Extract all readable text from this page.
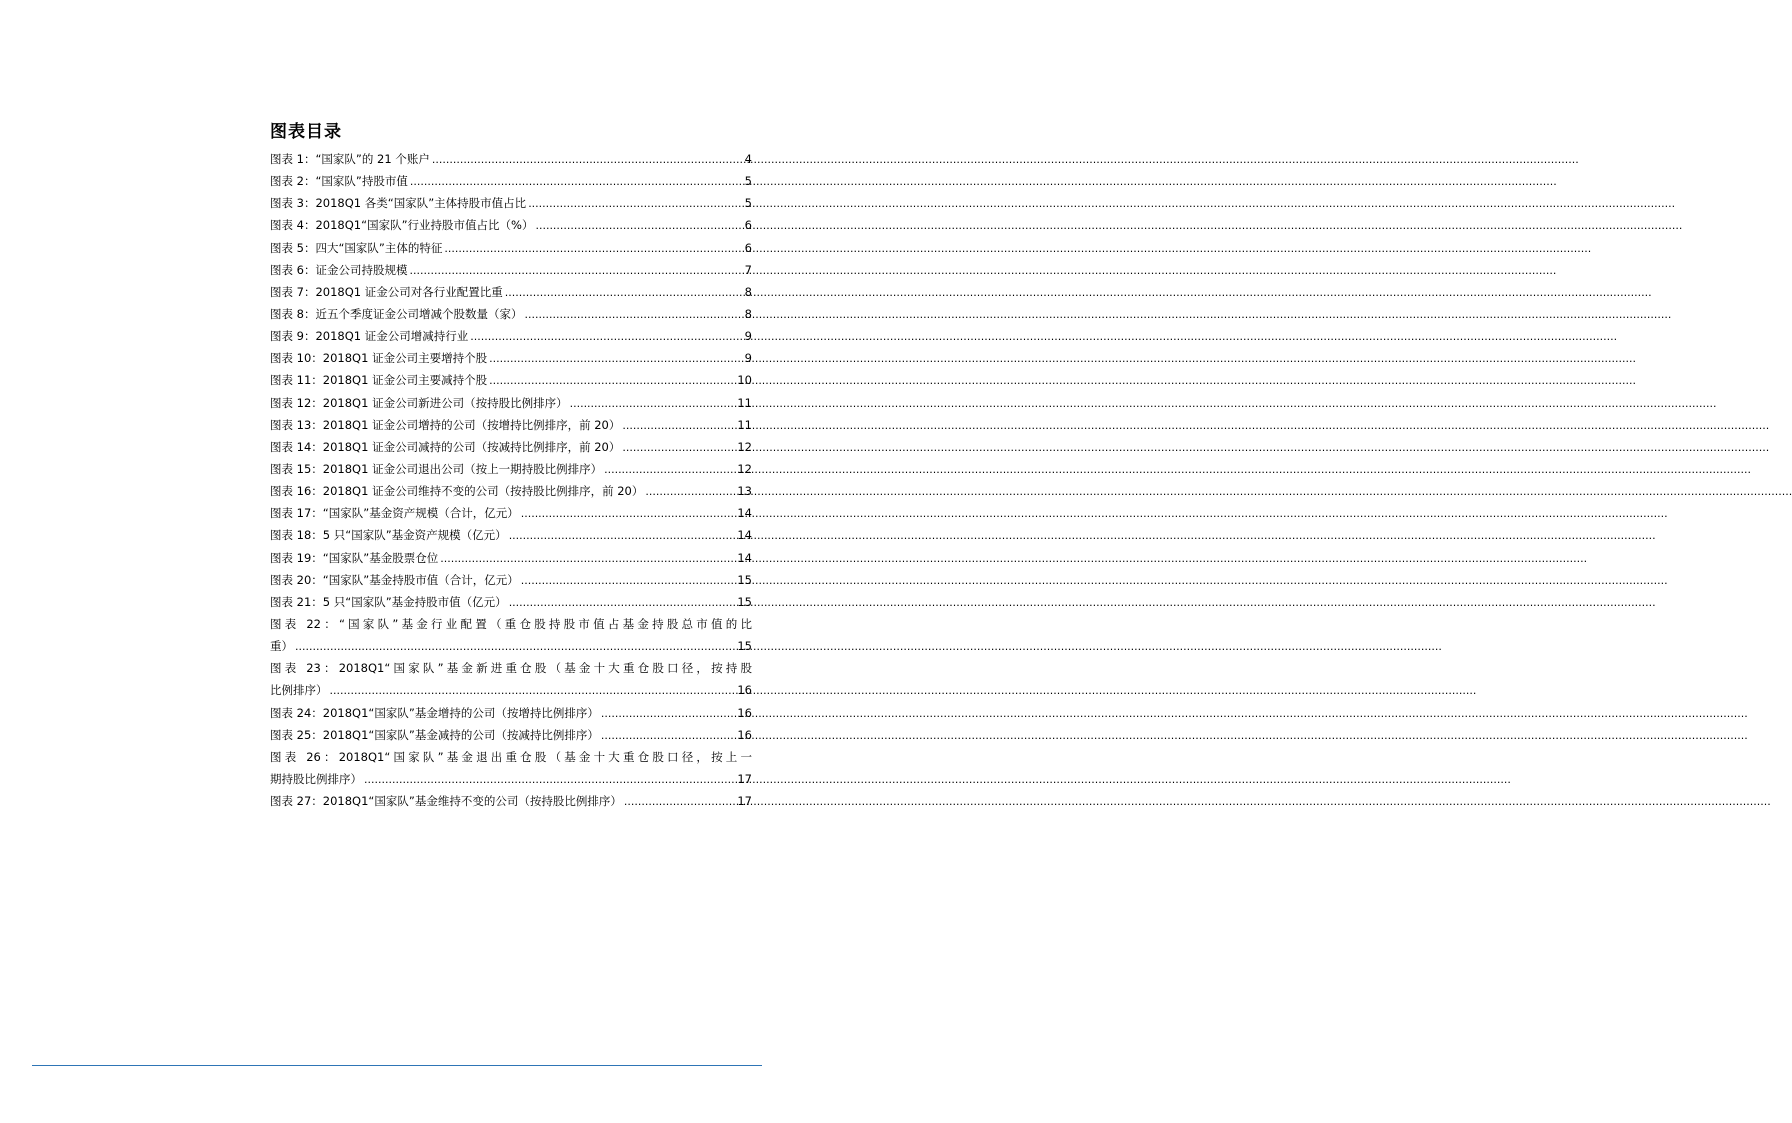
图表目录
图表 1：“国家队”的 21 个账户 .....	4
图表 2：“国家队”持股市值 .....	5
图表 3：2018Q1 各类“国家队”主体持股市值占比 .....	5
图表 4：2018Q1“国家队”行业持股市值占比（%） .....	6
图表 5：四大“国家队”主体的特征 .....	6
图表 6：证金公司持股规模 .....	7
图表 7：2018Q1 证金公司对各行业配置比重 .....	8
图表 8：近五个季度证金公司增减个股数量（家） .....	8
图表 9：2018Q1 证金公司增减持行业 .....	9
图表 10：2018Q1 证金公司主要增持个股 .....	9
图表 11：2018Q1 证金公司主要减持个股 .....	10
图表 12：2018Q1 证金公司新进公司（按持股比例排序） .....	11
图表 13：2018Q1 证金公司增持的公司（按增持比例排序，前 20） .....	11
图表 14：2018Q1 证金公司减持的公司（按减持比例排序，前 20） .....	12
图表 15：2018Q1 证金公司退出公司（按上一期持股比例排序） .....	12
图表 16：2018Q1 证金公司维持不变的公司（按持股比例排序，前 20） .....	13
图表 17：“国家队”基金资产规模（合计，亿元） .....	14
图表 18：5 只“国家队”基金资产规模（亿元） .....	14
图表 19：“国家队”基金股票仓位 .....	14
图表 20：“国家队”基金持股市值（合计，亿元） .....	15
图表 21：5 只“国家队”基金持股市值（亿元） .....	15
图表 22：“国家队”基金行业配置（重仓股持股市值占基金持股总市值的比
重） .....	15
图表 23：2018Q1“国家队”基金新进重仓股（基金十大重仓股口径，按持股
比例排序） .....	16
图表 24：2018Q1“国家队”基金增持的公司（按增持比例排序） .....	16
图表 25：2018Q1“国家队”基金减持的公司（按减持比例排序） .....	16
图表 26：2018Q1“国家队”基金退出重仓股（基金十大重仓股口径，按上一
期持股比例排序） .....	17
图表 27：2018Q1“国家队”基金维持不变的公司（按持股比例排序） .....	17
